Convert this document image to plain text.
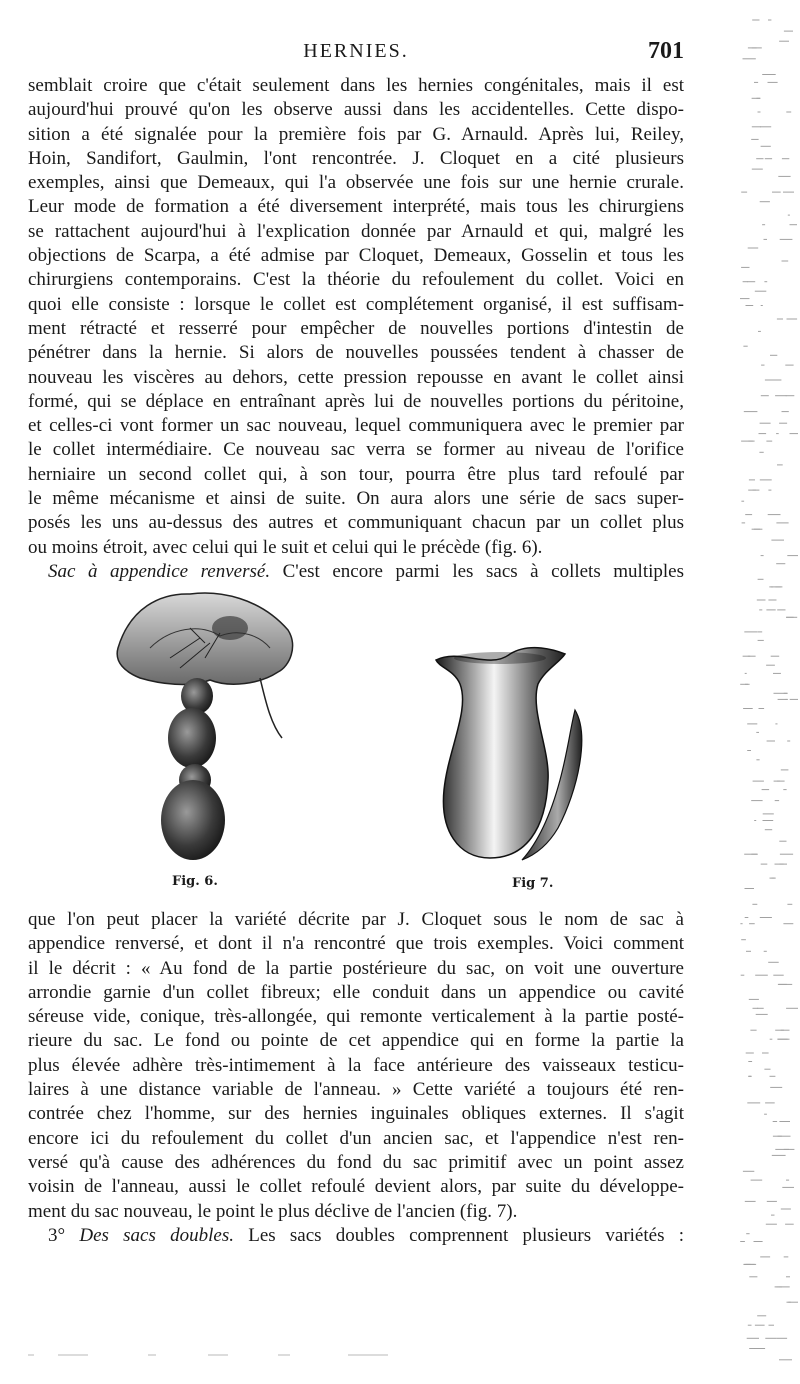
HERNIES.	701
semblait croire que c'était seulement dans les hernies congénitales, mais il est
aujourd'hui prouvé qu'on les observe aussi dans les accidentelles. Cette dispo-
sition a été signalée pour la première fois par G. Arnauld. Après lui, Reiley,
Hoin, Sandifort, Gaulmin, l'ont rencontrée. J. Cloquet en a cité plusieurs
exemples, ainsi que Demeaux, qui l'a observée une fois sur une hernie crurale.
Leur mode de formation a été diversement interprété, mais tous les chirurgiens
se rattachent aujourd'hui à l'explication donnée par Arnauld et qui, malgré les
objections de Scarpa, a été admise par Cloquet, Demeaux, Gosselin et tous les
chirurgiens contemporains. C'est la théorie du refoulement du collet. Voici en
quoi elle consiste : lorsque le collet est complétement organisé, il est suffisam-
ment rétracté et resserré pour empêcher de nouvelles portions d'intestin de
pénétrer dans la hernie. Si alors de nouvelles poussées tendent à chasser de
nouveau les viscères au dehors, cette pression repousse en avant le collet ainsi
formé, qui se déplace en entraînant après lui de nouvelles portions du péritoine,
et celles-ci vont former un sac nouveau, lequel communiquera avec le premier par
le collet intermédiaire. Ce nouveau sac verra se former au niveau de l'orifice
herniaire un second collet qui, à son tour, pourra être plus tard refoulé par
le même mécanisme et ainsi de suite. On aura alors une série de sacs super-
posés les uns au-dessus des autres et communiquant chacun par un collet plus
ou moins étroit, avec celui qui le suit et celui qui le précède (fig. 6).
Sac à appendice renversé. C'est encore parmi les sacs à collets multiples
Fig. 6.	Fig 7.
que l'on peut placer la variété décrite par J. Cloquet sous le nom de sac à
appendice renversé, et dont il n'a rencontré que trois exemples. Voici comment
il le décrit : « Au fond de la partie postérieure du sac, on voit une ouverture
arrondie garnie d'un collet fibreux; elle conduit dans un appendice ou cavité
séreuse vide, conique, très-allongée, qui remonte verticalement à la partie posté-
rieure du sac. Le fond ou pointe de cet appendice qui en forme la partie la
plus élevée adhère très-intimement à la face antérieure des vaisseaux testicu-
laires à une distance variable de l'anneau. » Cette variété a toujours été ren-
contrée chez l'homme, sur des hernies inguinales obliques externes. Il s'agit
encore ici du refoulement du collet d'un ancien sac, et l'appendice n'est ren-
versé qu'à cause des adhérences du fond du sac primitif avec un point assez
voisin de l'anneau, aussi le collet refoulé devient alors, par suite du développe-
ment du sac nouveau, le point le plus déclive de l'ancien (fig. 7).
3° Des sacs doubles. Les sacs doubles comprennent plusieurs variétés :
